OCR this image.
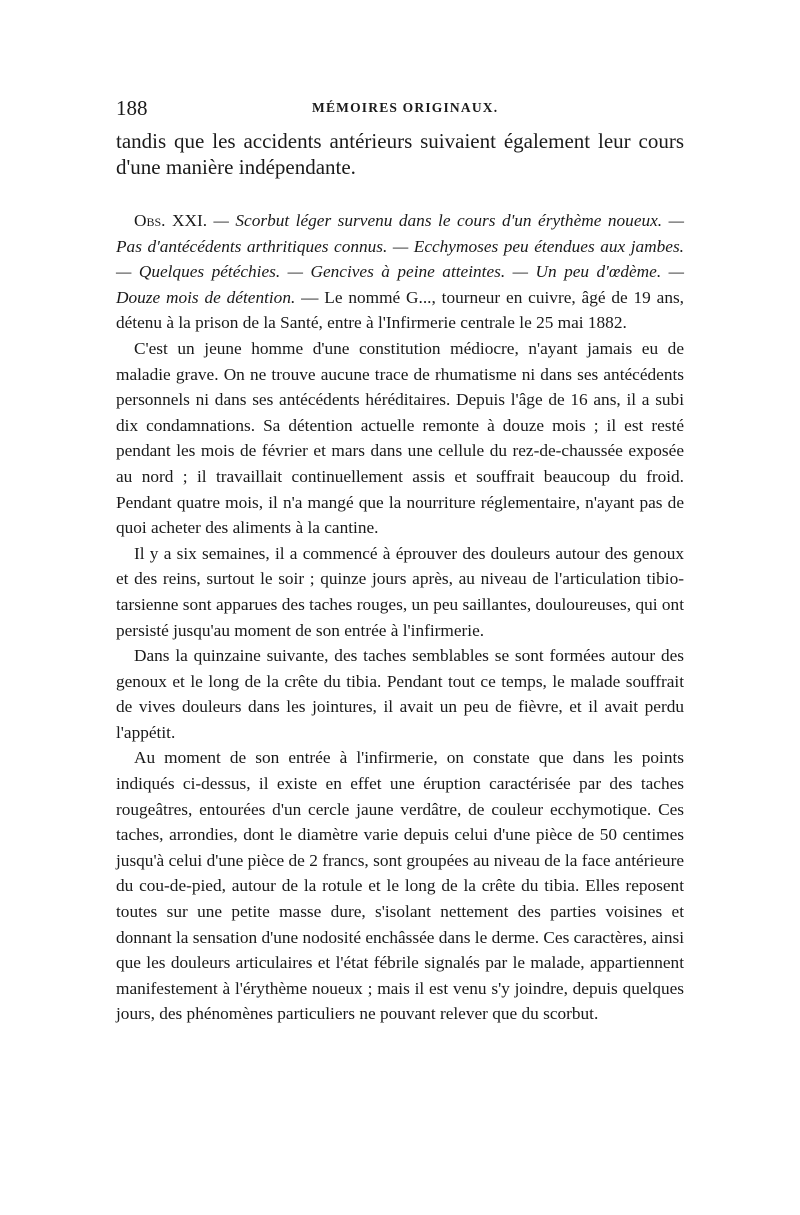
188	MÉMOIRES ORIGINAUX.
tandis que les accidents antérieurs suivaient également leur cours d'une manière indépendante.

Obs. XXI. — Scorbut léger survenu dans le cours d'un érythème noueux. — Pas d'antécédents arthritiques connus. — Ecchymoses peu étendues aux jambes. — Quelques pétéchies. — Gencives à peine atteintes. — Un peu d'œdème. — Douze mois de détention. — Le nommé G..., tourneur en cuivre, âgé de 19 ans, détenu à la prison de la Santé, entre à l'Infirmerie centrale le 25 mai 1882.

C'est un jeune homme d'une constitution médiocre, n'ayant jamais eu de maladie grave. On ne trouve aucune trace de rhumatisme ni dans ses antécédents personnels ni dans ses antécédents héréditaires. Depuis l'âge de 16 ans, il a subi dix condamnations. Sa détention actuelle remonte à douze mois ; il est resté pendant les mois de février et mars dans une cellule du rez-de-chaussée exposée au nord ; il travaillait continuellement assis et souffrait beaucoup du froid. Pendant quatre mois, il n'a mangé que la nourriture réglementaire, n'ayant pas de quoi acheter des aliments à la cantine.

Il y a six semaines, il a commencé à éprouver des douleurs autour des genoux et des reins, surtout le soir ; quinze jours après, au niveau de l'articulation tibio-tarsienne sont apparues des taches rouges, un peu saillantes, douloureuses, qui ont persisté jusqu'au moment de son entrée à l'infirmerie.

Dans la quinzaine suivante, des taches semblables se sont formées autour des genoux et le long de la crête du tibia. Pendant tout ce temps, le malade souffrait de vives douleurs dans les jointures, il avait un peu de fièvre, et il avait perdu l'appétit.

Au moment de son entrée à l'infirmerie, on constate que dans les points indiqués ci-dessus, il existe en effet une éruption caractérisée par des taches rougeâtres, entourées d'un cercle jaune verdâtre, de couleur ecchymotique. Ces taches, arrondies, dont le diamètre varie depuis celui d'une pièce de 50 centimes jusqu'à celui d'une pièce de 2 francs, sont groupées au niveau de la face antérieure du cou-de-pied, autour de la rotule et le long de la crête du tibia. Elles reposent toutes sur une petite masse dure, s'isolant nettement des parties voisines et donnant la sensation d'une nodosité enchâssée dans le derme. Ces caractères, ainsi que les douleurs articulaires et l'état fébrile signalés par le malade, appartiennent manifestement à l'érythème noueux ; mais il est venu s'y joindre, depuis quelques jours, des phénomènes particuliers ne pouvant relever que du scorbut.
